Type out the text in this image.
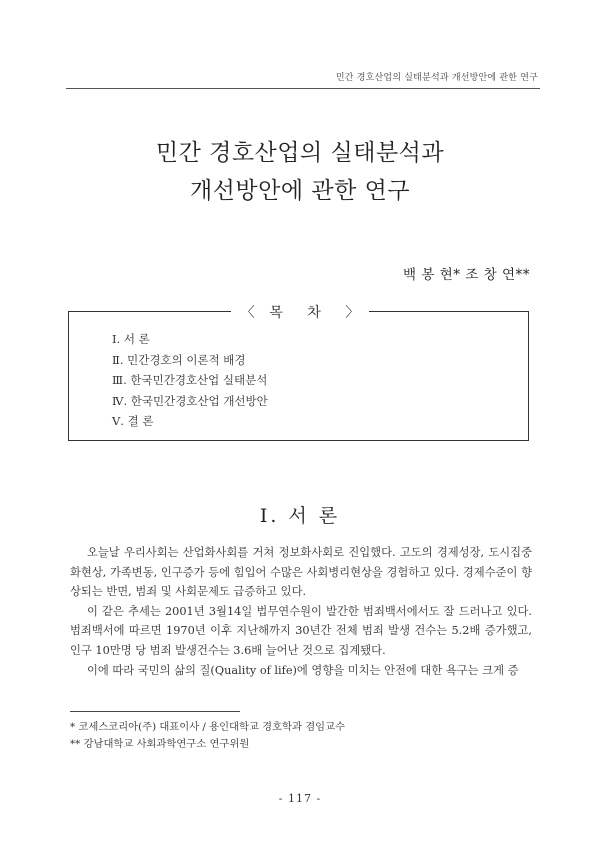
민간 경호산업의 실태분석과 개선방안에 관한 연구
민간 경호산업의 실태분석과
개선방안에 관한 연구
백 봉 현* 조 창 연**
〈 목 차 〉
Ⅰ. 서 론
Ⅱ. 민간경호의 이론적 배경
Ⅲ. 한국민간경호산업 실태분석
Ⅳ. 한국민간경호산업 개선방안
Ⅴ. 결 론
Ⅰ. 서 론

오늘날 우리사회는 산업화사회를 거쳐 정보화사회로 진입했다. 고도의 경제성장, 도시집중화현상, 가족변동, 인구증가 등에 힘입어 수많은 사회병리현상을 경험하고 있다. 경제수준이 향상되는 반면, 범죄 및 사회문제도 급증하고 있다.

이 같은 추세는 2001년 3월14일 법무연수원이 발간한 범죄백서에서도 잘 드러나고 있다. 범죄백서에 따르면 1970년 이후 지난해까지 30년간 전체 범죄 발생 건수는 5.2배 증가했고, 인구 10만명 당 범죄 발생건수는 3.6배 늘어난 것으로 집계됐다.

이에 따라 국민의 삶의 질(Quality of life)에 영향을 미치는 안전에 대한 욕구는 크게 증

* 코세스코리아(주) 대표이사 / 용인대학교 경호학과 겸임교수
** 강남대학교 사회과학연구소 연구위원
- 117 -
